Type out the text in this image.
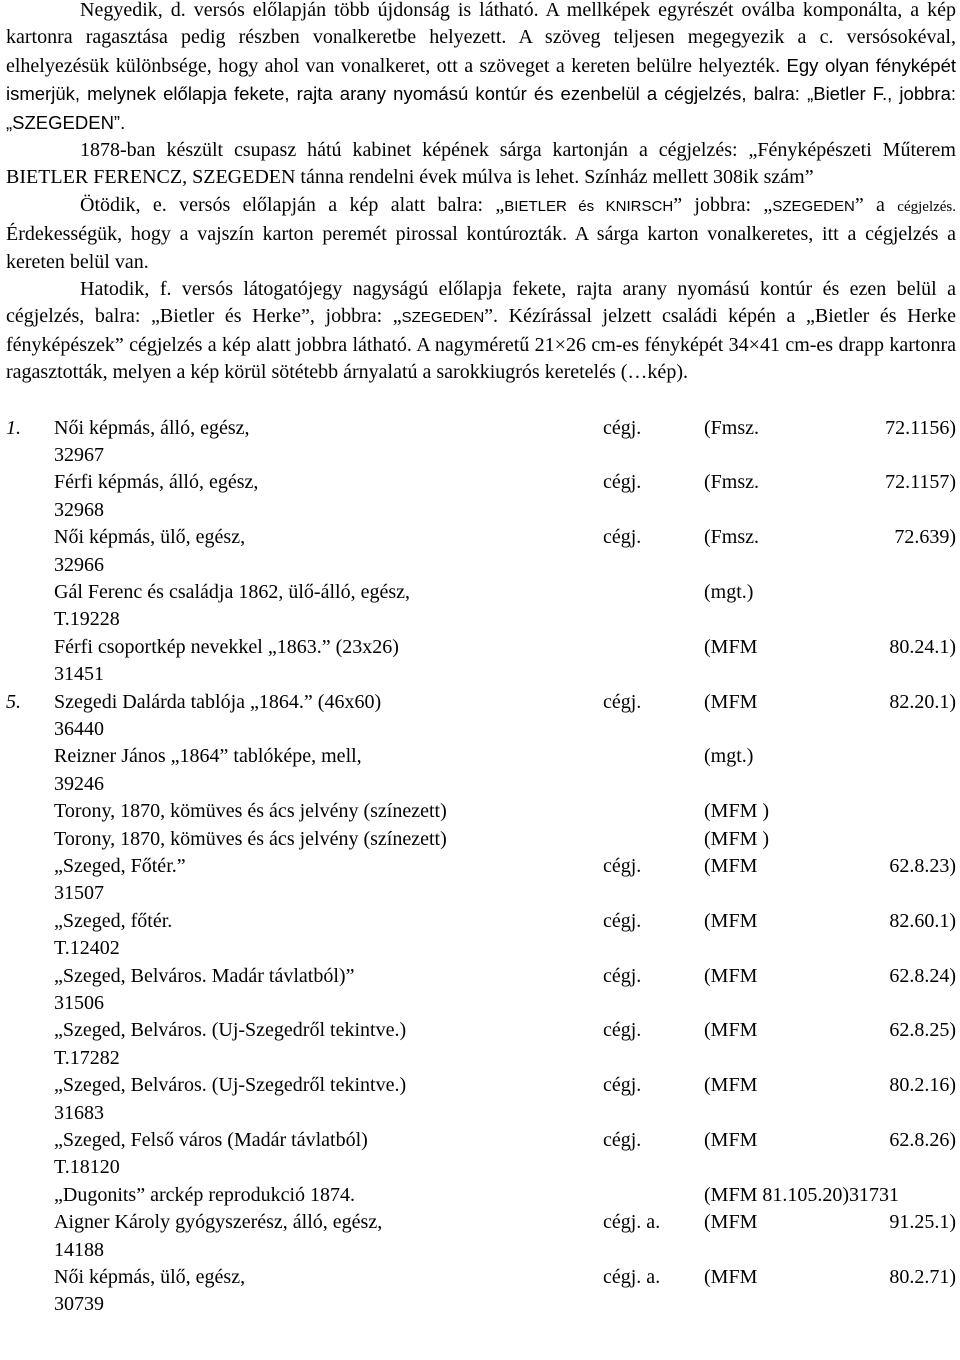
Negyedik, d. versós előlapján több újdonság is látható. A mellképek egyrészét oválba komponálta, a kép kartonra ragasztása pedig részben vonalkeretbe helyezett. A szöveg teljesen megegyezik a c. versósokéval, elhelyezésük különbsége, hogy ahol van vonalkeret, ott a szöveget a kereten belülre helyezték. Egy olyan fényképét ismerjük, melynek előlapja fekete, rajta arany nyomású kontúr és ezenbelül a cégjelzés, balra: „Bietler F., jobbra: „SZEGEDEN”.

1878-ban készült csupasz hátú kabinet képének sárga kartonján a cégjelzés: „Fényképészeti Műterem BIETLER FERENCZ, SZEGEDEN tánna rendelni évek múlva is lehet. Színház mellett 308ik szám”

Ötödik, e. versós előlapján a kép alatt balra: „BIETLER és KNIRSCH” jobbra: „SZEGEDEN” a cégjelzés. Érdekességük, hogy a vajszín karton peremét pirossal kontúrozták. A sárga karton vonalkeretes, itt a cégjelzés a kereten belül van.

Hatodik, f. versós látogatójegy nagyságú előlapja fekete, rajta arany nyomású kontúr és ezen belül a cégjelzés, balra: „Bietler és Herke”, jobbra: „SZEGEDEN”. Kézírással jelzett családi képén a „Bietler és Herke fényképészek” cégjelzés a kép alatt jobbra látható. A nagyméretű 21×26 cm-es fényképét 34×41 cm-es drapp kartonra ragasztották, melyen a kép körül sötétebb árnyalatú a sarokkiugrós keretelés (…kép).

1. Női képmás, álló, egész,	cégj.	(Fmsz.	72.1156)
32967
Férfi képmás, álló, egész,	cégj.	(Fmsz.	72.1157)
32968
Női képmás, ülő, egész,	cégj.	(Fmsz.	72.639)
32966
Gál Ferenc és családja 1862, ülő-álló, egész,	(mgt.)
T.19228
Férfi csoportkép nevekkel „1863.” (23x26)	(MFM	80.24.1)
31451
5. Szegedi Dalárda tablója „1864.” (46x60)	cégj.	(MFM	82.20.1)
36440
Reizner János „1864” tablóképe, mell,	(mgt.)
39246
Torony, 1870, kömüves és ács jelvény (színezett)	(MFM )
Torony, 1870, kömüves és ács jelvény (színezett)	(MFM )
„Szeged, Főtér.”	cégj.	(MFM	62.8.23)
31507
„Szeged, főtér.	cégj.	(MFM	82.60.1)
T.12402
„Szeged, Belváros. Madár távlatból)”	cégj.	(MFM	62.8.24)
31506
„Szeged, Belváros. (Uj-Szegedről tekintve.)	cégj.	(MFM	62.8.25)
T.17282
„Szeged, Belváros. (Uj-Szegedről tekintve.)	cégj.	(MFM	80.2.16)
31683
„Szeged, Felső város (Madár távlatból)	cégj.	(MFM	62.8.26)
T.18120
„Dugonits” arckép reprodukció 1874.	(MFM 81.105.20)31731
Aigner Károly gyógyszerész, álló, egész,	cégj. a. (MFM	91.25.1)
14188
Női képmás, ülő, egész,	cégj. a. (MFM	80.2.71)
30739
